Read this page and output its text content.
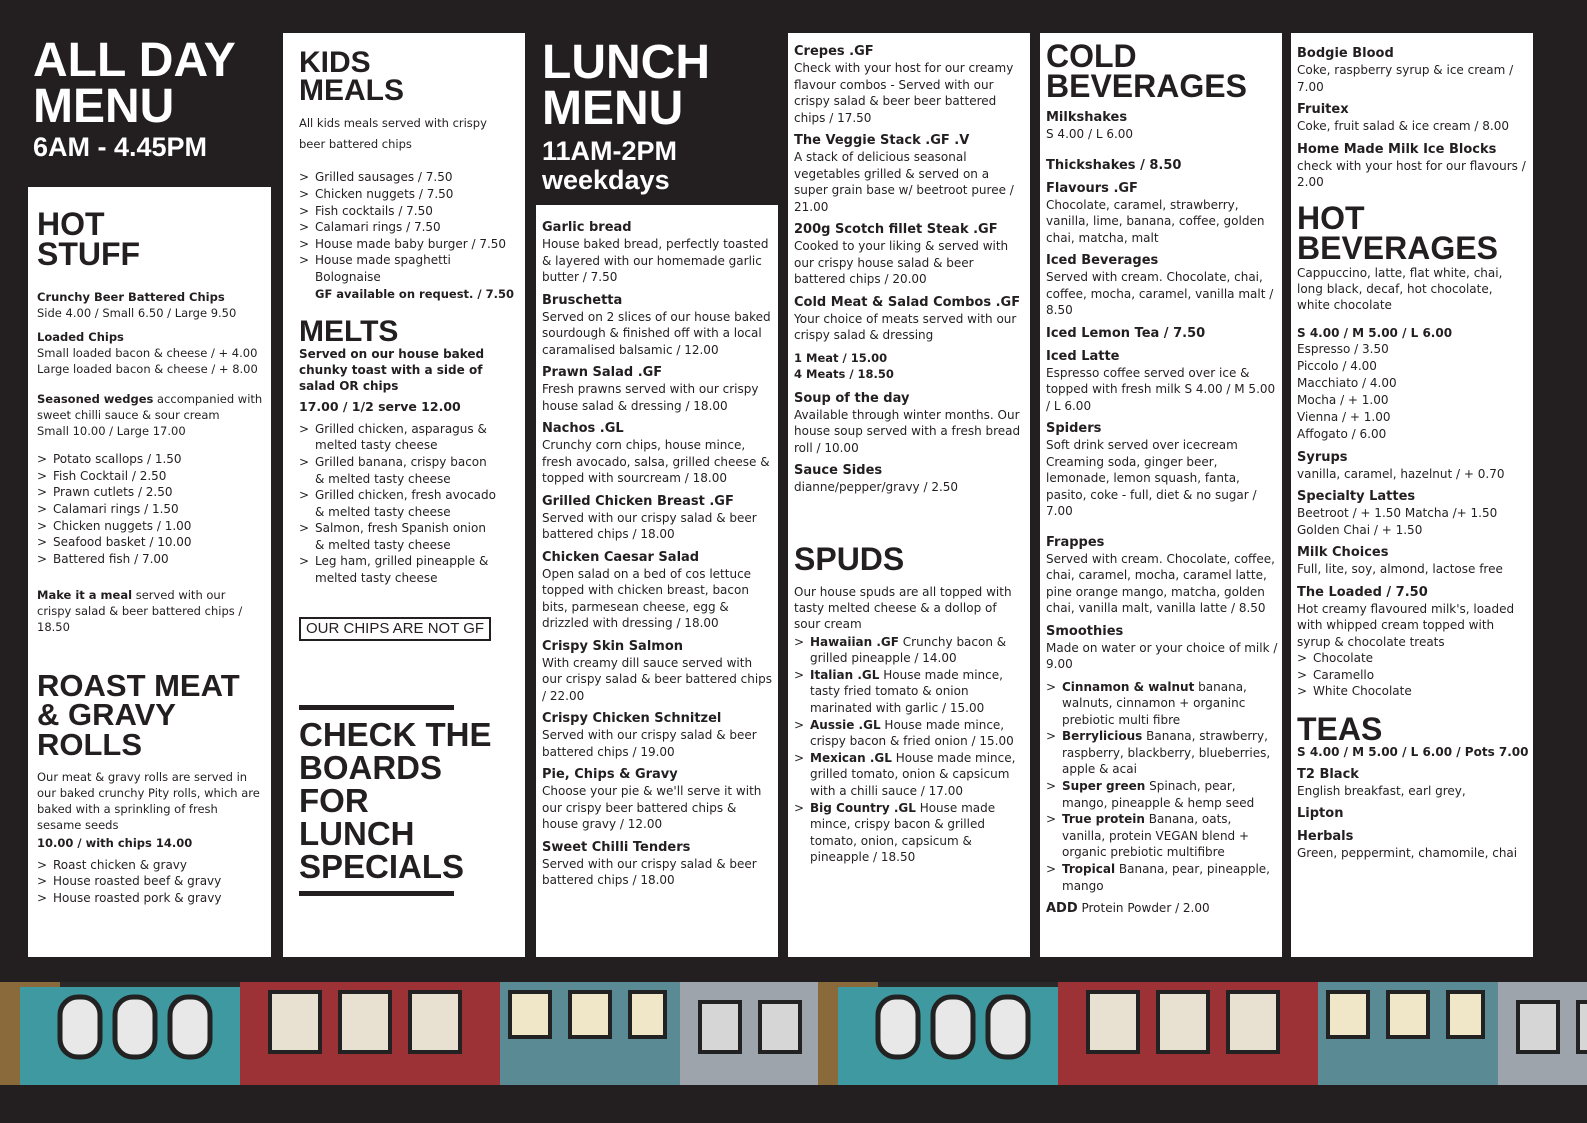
ALL DAY
MENU
6AM - 4.45PM
HOT
STUFF
Crunchy Beer Battered Chips
Side 4.00 / Small 6.50 / Large 9.50
Loaded Chips
Small loaded bacon & cheese / + 4.00
Large loaded bacon & cheese / + 8.00
Seasoned wedges accompanied with sweet chilli sauce & sour cream
Small 10.00 / Large 17.00
> Potato scallops / 1.50
> Fish Cocktail / 2.50
> Prawn cutlets / 2.50
> Calamari rings / 1.50
> Chicken nuggets / 1.00
> Seafood basket / 10.00
> Battered fish / 7.00
Make it a meal served with our crispy salad & beer battered chips / 18.50
ROAST MEAT
& GRAVY
ROLLS
Our meat & gravy rolls are served in our baked crunchy Pity rolls, which are baked with a sprinkling of fresh sesame seeds
10.00 / with chips 14.00
> Roast chicken & gravy
> House roasted beef & gravy
> House roasted pork & gravy
KIDS
MEALS
All kids meals served with crispy beer battered chips
> Grilled sausages / 7.50
> Chicken nuggets / 7.50
> Fish cocktails / 7.50
> Calamari rings / 7.50
> House made baby burger / 7.50
> House made spaghetti Bolognaise
GF available on request. / 7.50
MELTS
Served on our house baked chunky toast with a side of salad OR chips
17.00 / 1/2 serve 12.00
> Grilled chicken, asparagus & melted tasty cheese
> Grilled banana, crispy bacon & melted tasty cheese
> Grilled chicken, fresh avocado & melted tasty cheese
> Salmon, fresh Spanish onion & melted tasty cheese
> Leg ham, grilled pineapple & melted tasty cheese
OUR CHIPS ARE NOT GF
CHECK THE
BOARDS FOR
LUNCH
SPECIALS
LUNCH
MENU
11AM-2PM
weekdays
Garlic bread
House baked bread, perfectly toasted & layered with our homemade garlic butter / 7.50
Bruschetta
Served on 2 slices of our house baked sourdough & finished off with a local caramalised balsamic / 12.00
Prawn Salad .GF
Fresh prawns served with our crispy house salad & dressing / 18.00
Nachos .GL
Crunchy corn chips, house mince, fresh avocado, salsa, grilled cheese & topped with sourcream / 18.00
Grilled Chicken Breast .GF
Served with our crispy salad & beer battered chips / 18.00
Chicken Caesar Salad
Open salad on a bed of cos lettuce topped with chicken breast, bacon bits, parmesean cheese, egg & drizzled with dressing / 18.00
Crispy Skin Salmon
With creamy dill sauce served with our crispy salad & beer battered chips / 22.00
Crispy Chicken Schnitzel
Served with our crispy salad & beer battered chips / 19.00
Pie, Chips & Gravy
Choose your pie & we'll serve it with our crispy beer battered chips & house gravy / 12.00
Sweet Chilli Tenders
Served with our crispy salad & beer battered chips / 18.00
Crepes .GF
Check with your host for our creamy flavour combos - Served with our crispy salad & beer beer battered chips / 17.50
The Veggie Stack .GF .V
A stack of delicious seasonal vegetables grilled & served on a super grain base w/ beetroot puree / 21.00
200g Scotch fillet Steak .GF
Cooked to your liking & served with our crispy house salad & beer battered chips / 20.00
Cold Meat & Salad Combos .GF
Your choice of meats served with our crispy salad & dressing
1 Meat / 15.00
4 Meats / 18.50
Soup of the day
Available through winter months. Our house soup served with a fresh bread roll / 10.00
Sauce Sides
dianne/pepper/gravy / 2.50
SPUDS
Our house spuds are all topped with tasty melted cheese & a dollop of sour cream
> Hawaiian .GF Crunchy bacon & grilled pineapple / 14.00
> Italian .GL House made mince, tasty fried tomato & onion marinated with garlic / 15.00
> Aussie .GL House made mince, crispy bacon & fried onion / 15.00
> Mexican .GL House made mince, grilled tomato, onion & capsicum with a chilli sauce / 17.00
> Big Country .GL House made mince, crispy bacon & grilled tomato, onion, capsicum & pineapple / 18.50
COLD
BEVERAGES
Milkshakes
S 4.00 / L 6.00
Thickshakes / 8.50
Flavours .GF
Chocolate, caramel, strawberry, vanilla, lime, banana, coffee, golden chai, matcha, malt
Iced Beverages
Served with cream. Chocolate, chai, coffee, mocha, caramel, vanilla malt / 8.50
Iced Lemon Tea / 7.50
Iced Latte
Espresso coffee served over ice & topped with fresh milk S 4.00 / M 5.00 / L 6.00
Spiders
Soft drink served over icecream Creaming soda, ginger beer, lemonade, lemon squash, fanta, pasito, coke - full, diet & no sugar / 7.00
Frappes
Served with cream. Chocolate, coffee, chai, caramel, mocha, caramel latte, pine orange mango, matcha, golden chai, vanilla malt, vanilla latte / 8.50
Smoothies
Made on water or your choice of milk / 9.00
> Cinnamon & walnut banana, walnuts, cinnamon + organinc prebiotic multi fibre
> Berrylicious Banana, strawberry, raspberry, blackberry, blueberries, apple & acai
> Super green Spinach, pear, mango, pineapple & hemp seed
> True protein Banana, oats, vanilla, protein VEGAN blend + organic prebiotic multifibre
> Tropical Banana, pear, pineapple, mango
ADD Protein Powder / 2.00
Bodgie Blood
Coke, raspberry syrup & ice cream / 7.00
Fruitex
Coke, fruit salad & ice cream / 8.00
Home Made Milk Ice Blocks
check with your host for our flavours / 2.00
HOT
BEVERAGES
Cappuccino, latte, flat white, chai, long black, decaf, hot chocolate, white chocolate
S 4.00 / M 5.00 / L 6.00
Espresso / 3.50
Piccolo / 4.00
Macchiato / 4.00
Mocha / + 1.00
Vienna / + 1.00
Affogato / 6.00
Syrups
vanilla, caramel, hazelnut / + 0.70
Specialty Lattes
Beetroot / + 1.50 Matcha /+ 1.50 Golden Chai / + 1.50
Milk Choices
Full, lite, soy, almond, lactose free
The Loaded / 7.50
Hot creamy flavoured milk's, loaded with whipped cream topped with syrup & chocolate treats
> Chocolate
> Caramello
> White Chocolate
TEAS
S 4.00 / M 5.00 / L 6.00 / Pots 7.00
T2 Black
English breakfast, earl grey,
Lipton
Herbals
Green, peppermint, chamomile, chai
